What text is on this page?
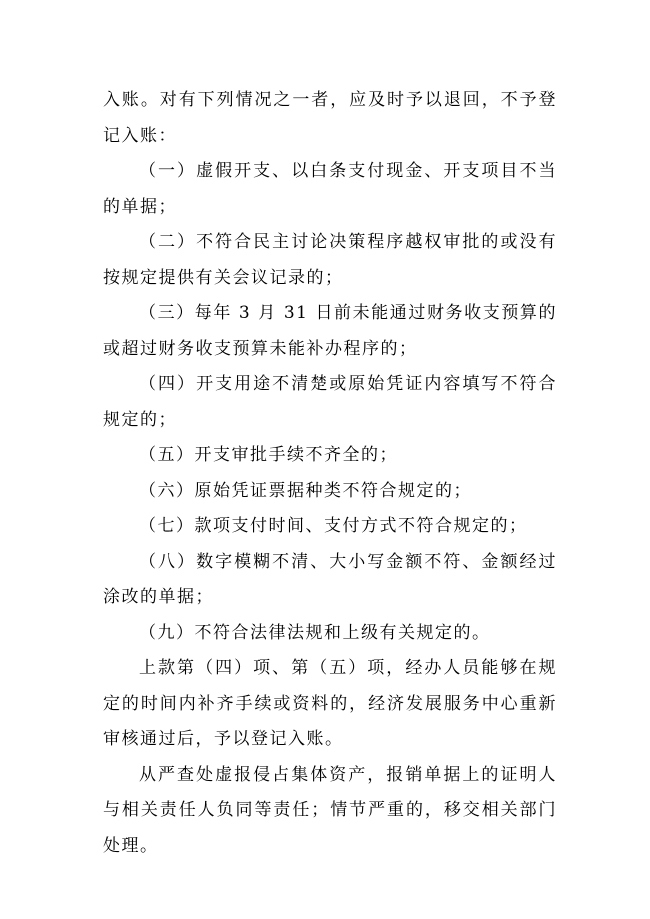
入账。对有下列情况之一者，应及时予以退回，不予登记入账：

（一）虚假开支、以白条支付现金、开支项目不当的单据；

（二）不符合民主讨论决策程序越权审批的或没有按规定提供有关会议记录的；

（三）每年 3 月 31 日前未能通过财务收支预算的或超过财务收支预算未能补办程序的；

（四）开支用途不清楚或原始凭证内容填写不符合规定的；

（五）开支审批手续不齐全的；

（六）原始凭证票据种类不符合规定的；

（七）款项支付时间、支付方式不符合规定的；

（八）数字模糊不清、大小写金额不符、金额经过涂改的单据；

（九）不符合法律法规和上级有关规定的。

上款第（四）项、第（五）项，经办人员能够在规定的时间内补齐手续或资料的，经济发展服务中心重新审核通过后，予以登记入账。

从严查处虚报侵占集体资产，报销单据上的证明人与相关责任人负同等责任；情节严重的，移交相关部门处理。
